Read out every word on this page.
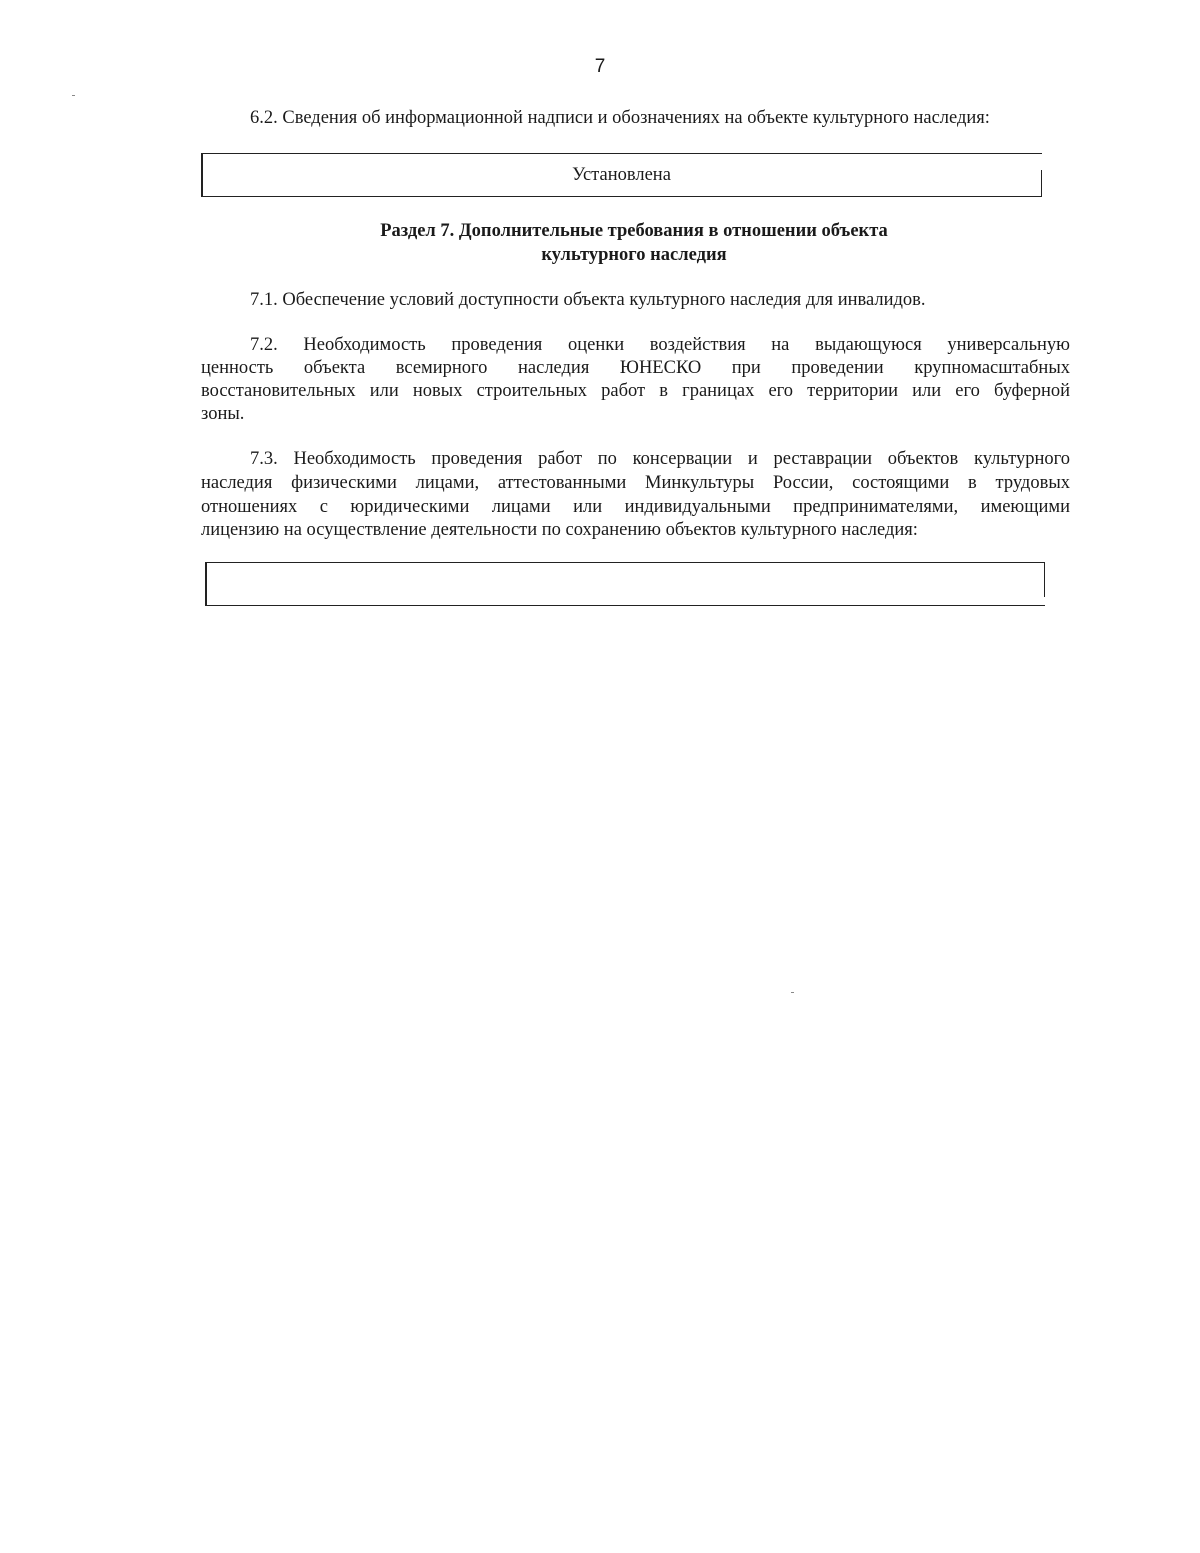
7
6.2. Сведения об информационной надписи и обозначениях на объекте культурного наследия:
Установлена
Раздел 7. Дополнительные требования в отношении объекта
культурного наследия
7.1. Обеспечение условий доступности объекта культурного наследия для инвалидов.
7.2. Необходимость проведения оценки воздействия на выдающуюся универсальную
ценность объекта всемирного наследия ЮНЕСКО при проведении крупномасштабных
восстановительных или новых строительных работ в границах его территории или его буферной
зоны.
7.3. Необходимость проведения работ по консервации и реставрации объектов культурного
наследия физическими лицами, аттестованными Минкультуры России, состоящими в трудовых
отношениях с юридическими лицами или индивидуальными предпринимателями, имеющими
лицензию на осуществление деятельности по сохранению объектов культурного наследия:
